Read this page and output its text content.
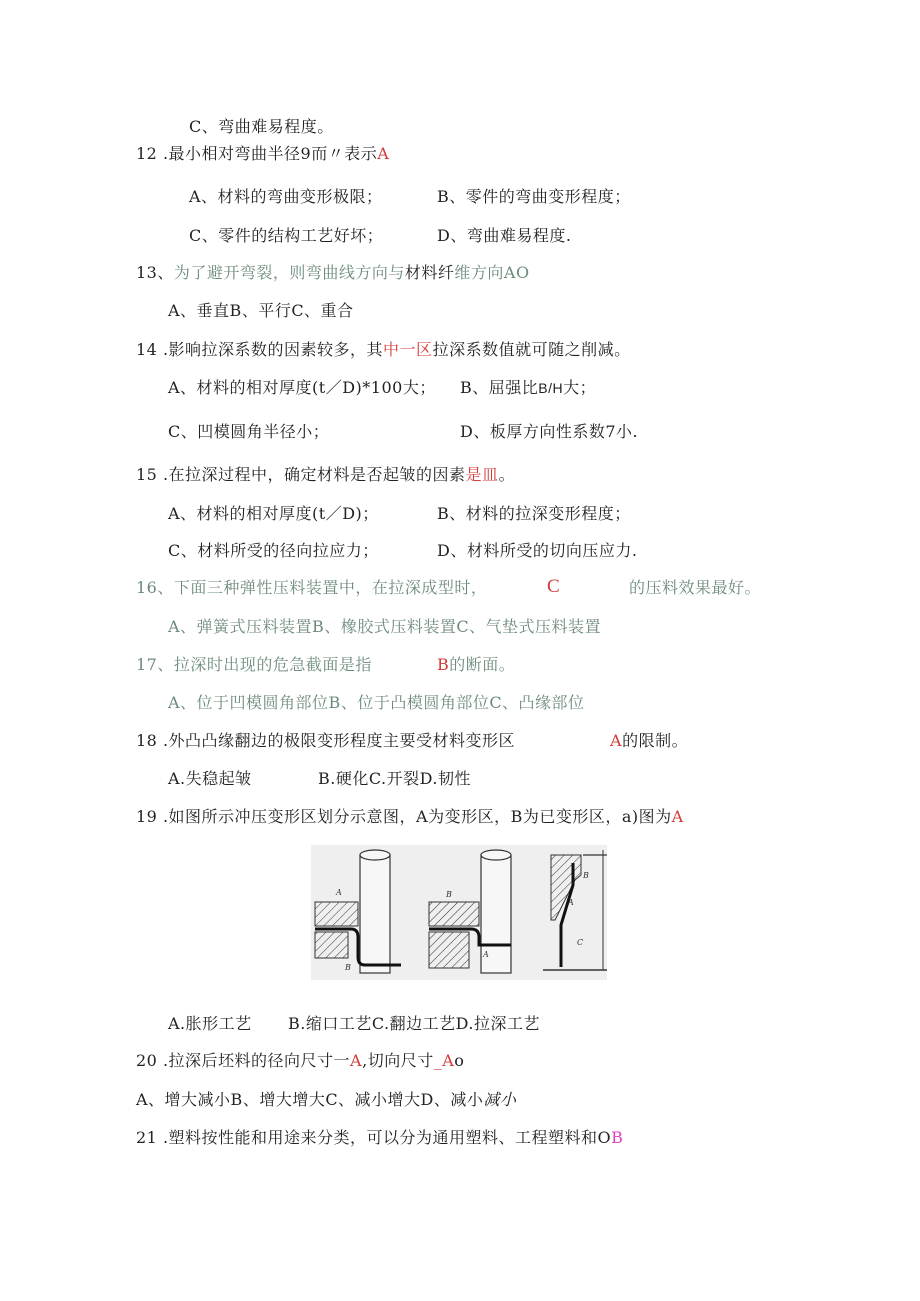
C、弯曲难易程度。
12 .最小相对弯曲半径9而〃表示A
A、材料的弯曲变形极限；	B、零件的弯曲变形程度；
C、零件的结构工艺好坏；	D、弯曲难易程度.
13、为了避开弯裂，则弯曲线方向与材料纤维方向AO
A、垂直B、平行C、重合
14 .影响拉深系数的因素较多，其中一区拉深系数值就可随之削减。
A、材料的相对厚度(t／D)*100大； B、屈强比B/H大；
C、凹模圆角半径小；	D、板厚方向性系数7小.
15 .在拉深过程中，确定材料是否起皱的因素是皿。
A、材料的相对厚度(t／D)；	B、材料的拉深变形程度；
C、材料所受的径向拉应力；	D、材料所受的切向压应力.
16、下面三种弹性压料装置中，在拉深成型时，	C	的压料效果最好。
A、弹簧式压料装置B、橡胶式压料装置C、气垫式压料装置
17、拉深时出现的危急截面是指	B的断面。
A、位于凹模圆角部位B、位于凸模圆角部位C、凸缘部位
18 .外凸凸缘翻边的极限变形程度主要受材料变形区	A的限制。
A.失稳起皱	B.硬化C.开裂D.韧性
19 .如图所示冲压变形区划分示意图，A为变形区，B为已变形区，a)图为A
A
B
A
B
A
B
C
A.胀形工艺 B.缩口工艺C.翻边工艺D.拉深工艺
20 .拉深后坯料的径向尺寸一A,切向尺寸_Ao
A、增大减小B、增大增大C、减小增大D、减小减小
21 .塑料按性能和用途来分类，可以分为通用塑料、工程塑料和OB
